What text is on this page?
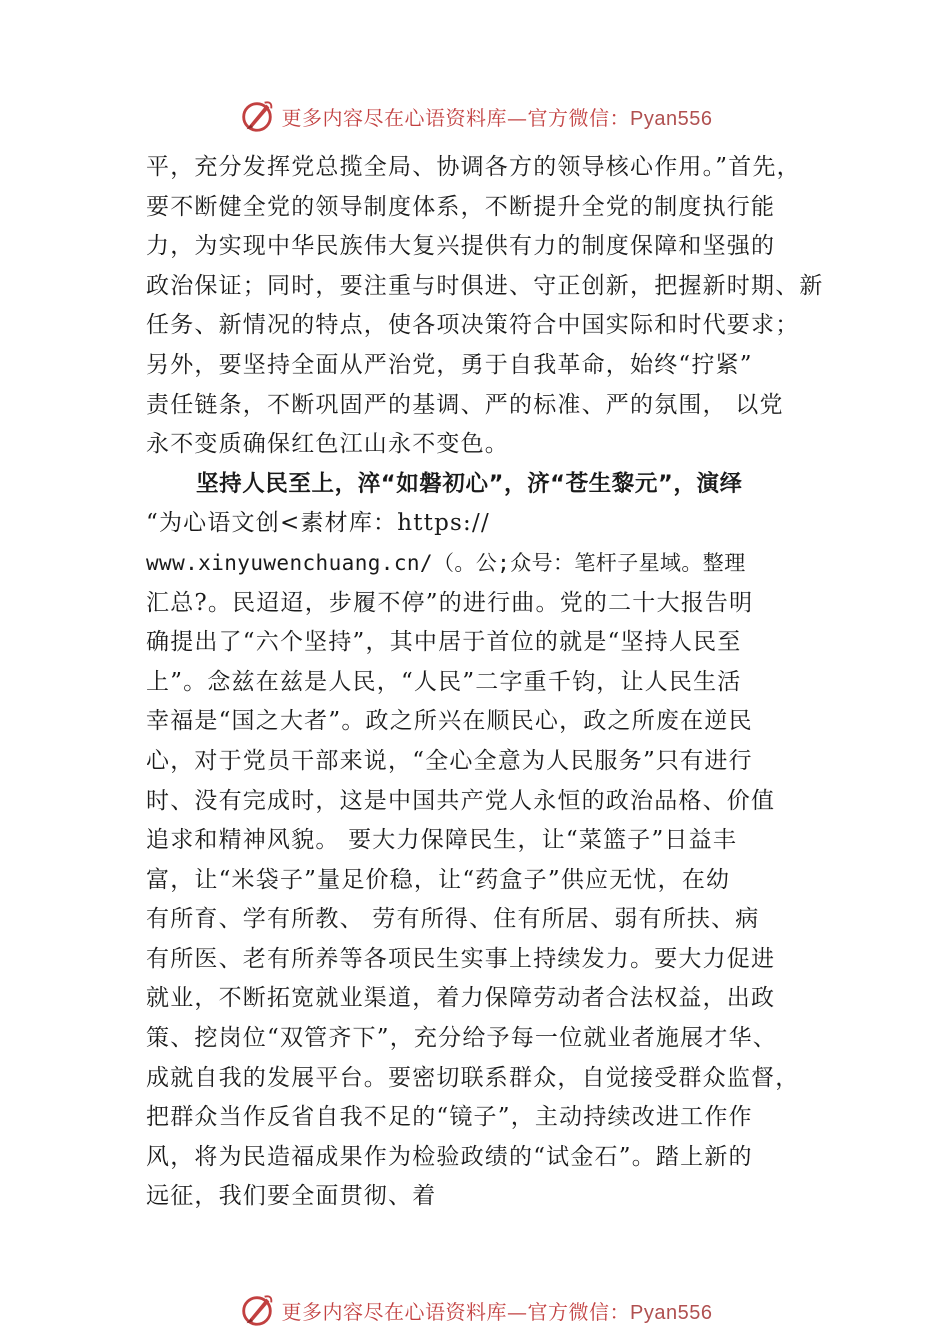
更多内容尽在心语资料库—官方微信：Pyan556
平，充分发挥党总揽全局、协调各方的领导核心作用。”首先，
要不断健全党的领导制度体系，不断提升全党的制度执行能
力，为实现中华民族伟大复兴提供有力的制度保障和坚强的
政治保证；同时，要注重与时俱进、守正创新，把握新时期、新
任务、新情况的特点，使各项决策符合中国实际和时代要求；
另外，要坚持全面从严治党，勇于自我革命，始终“拧紧”
责任链条，不断巩固严的基调、严的标准、严的氛围， 以党
永不变质确保红色江山永不变色。
坚持人民至上，淬“如磐初心”，济“苍生黎元”，演绎
“为心语文创<素材库：https://
www.xinyuwenchuang.cn/（。公;众号：笔杆子星域。整理
汇总?。民迢迢，步履不停”的进行曲。党的二十大报告明
确提出了“六个坚持”，其中居于首位的就是“坚持人民至
上”。念兹在兹是人民，“人民”二字重千钧，让人民生活
幸福是“国之大者”。政之所兴在顺民心，政之所废在逆民
心，对于党员干部来说，“全心全意为人民服务”只有进行
时、没有完成时，这是中国共产党人永恒的政治品格、价值
追求和精神风貌。 要大力保障民生，让“菜篮子”日益丰
富，让“米袋子”量足价稳，让“药盒子”供应无忧，在幼
有所育、学有所教、 劳有所得、住有所居、弱有所扶、病
有所医、老有所养等各项民生实事上持续发力。要大力促进
就业，不断拓宽就业渠道，着力保障劳动者合法权益，出政
策、挖岗位“双管齐下”，充分给予每一位就业者施展才华、
成就自我的发展平台。要密切联系群众，自觉接受群众监督，
把群众当作反省自我不足的“镜子”，主动持续改进工作作
风，将为民造福成果作为检验政绩的“试金石”。踏上新的
远征，我们要全面贯彻、着
更多内容尽在心语资料库—官方微信：Pyan556
